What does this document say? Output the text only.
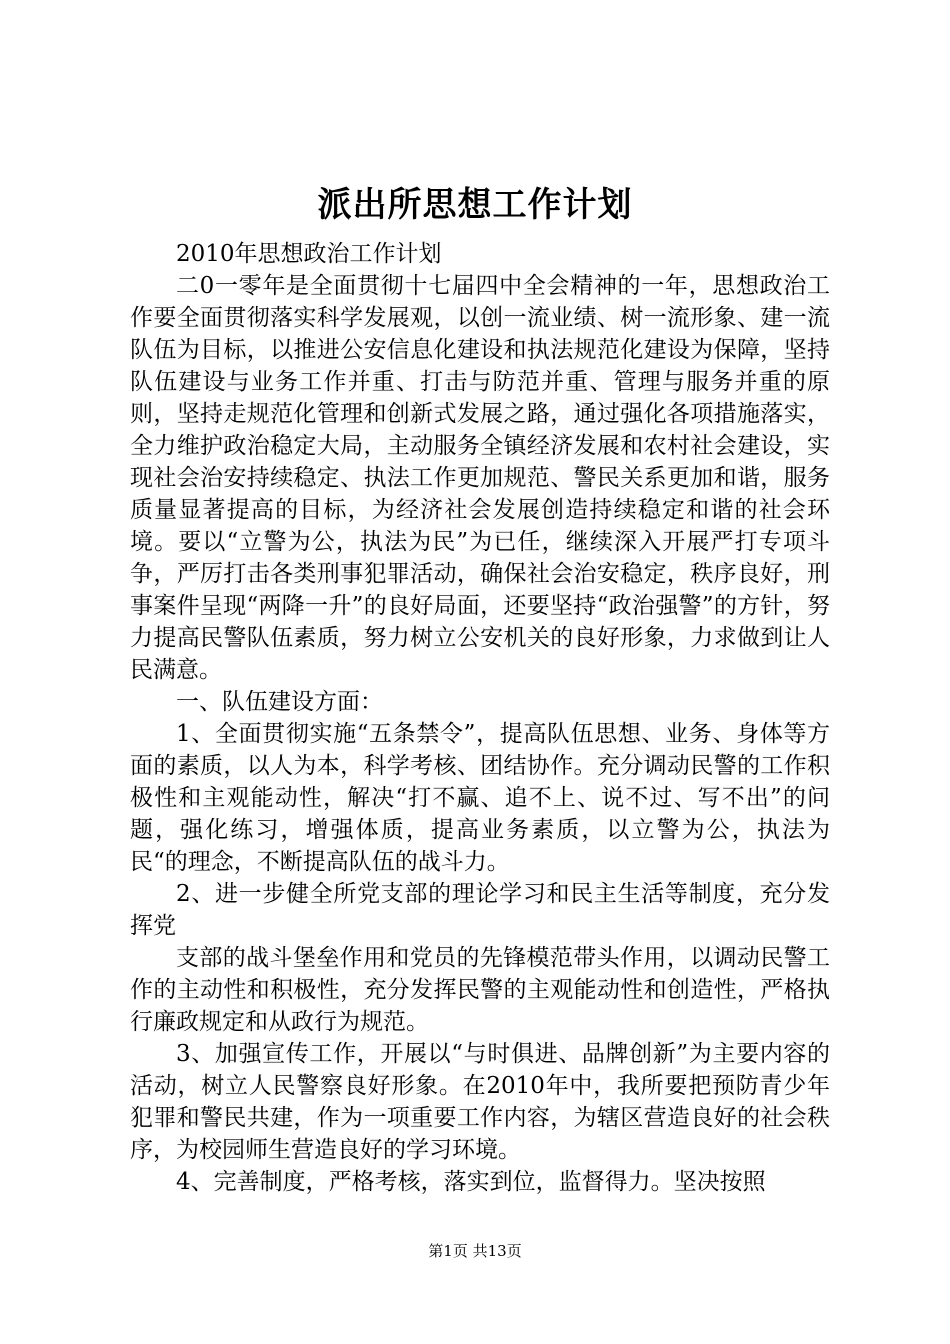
派出所思想工作计划

2010年思想政治工作计划

二0一零年是全面贯彻十七届四中全会精神的一年，思想政治工作要全面贯彻落实科学发展观，以创一流业绩、树一流形象、建一流队伍为目标，以推进公安信息化建设和执法规范化建设为保障，坚持队伍建设与业务工作并重、打击与防范并重、管理与服务并重的原则，坚持走规范化管理和创新式发展之路，通过强化各项措施落实，全力维护政治稳定大局，主动服务全镇经济发展和农村社会建设，实现社会治安持续稳定、执法工作更加规范、警民关系更加和谐，服务质量显著提高的目标，为经济社会发展创造持续稳定和谐的社会环境。要以“立警为公，执法为民”为已任，继续深入开展严打专项斗争，严厉打击各类刑事犯罪活动，确保社会治安稳定，秩序良好，刑事案件呈现“两降一升”的良好局面，还要坚持“政治强警”的方针，努力提高民警队伍素质，努力树立公安机关的良好形象，力求做到让人民满意。

一、队伍建设方面：

1、全面贯彻实施“五条禁令”，提高队伍思想、业务、身体等方面的素质，以人为本，科学考核、团结协作。充分调动民警的工作积极性和主观能动性，解决“打不赢、追不上、说不过、写不出”的问题，强化练习，增强体质，提高业务素质，以立警为公，执法为民“的理念，不断提高队伍的战斗力。

2、进一步健全所党支部的理论学习和民主生活等制度，充分发挥党

支部的战斗堡垒作用和党员的先锋模范带头作用，以调动民警工作的主动性和积极性，充分发挥民警的主观能动性和创造性，严格执行廉政规定和从政行为规范。

3、加强宣传工作，开展以“与时俱进、品牌创新”为主要内容的活动，树立人民警察良好形象。在2010年中，我所要把预防青少年犯罪和警民共建，作为一项重要工作内容，为辖区营造良好的社会秩序，为校园师生营造良好的学习环境。

4、完善制度，严格考核，落实到位，监督得力。坚决按照

第1页 共13页
